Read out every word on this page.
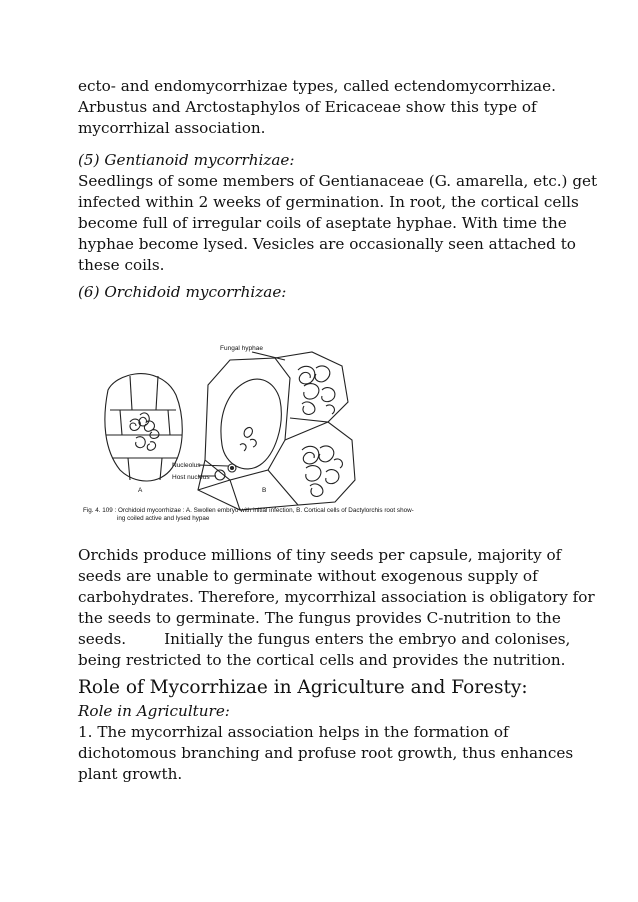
ecto- and endomycorrhizae types, called ectendomycorrhizae.
Arbustus and Arctostaphylos of Ericaceae show this type of
mycorrhizal association.

(5) Gentianoid mycorrhizae:
Seedlings of some members of Gentianaceae (G. amarella, etc.) get
infected within 2 weeks of germination. In root, the cortical cells
become full of irregular coils of aseptate hyphae. With time the
hyphae become lysed. Vesicles are occasionally seen attached to
these coils.

(6) Orchidoid mycorrhizae:

Fungal hyphae
Nucleolus
Host nucleus
A	B
Fig. 4. 109 : Orchidoid mycorrhizae : A. Swollen embryo with initial infection, B. Cortical cells of Dactylorchis root show-
ing coiled active and lysed hypae

Orchids produce millions of tiny seeds per capsule, majority of
seeds are unable to germinate without exogenous supply of
carbohydrates. Therefore, mycorrhizal association is obligatory for
the seeds to germinate. The fungus provides C-nutrition to the
seeds.	Initially the fungus enters the embryo and colonises,
being restricted to the cortical cells and provides the nutrition.

Role of Mycorrhizae in Agriculture and Foresty:

Role in Agriculture:
1. The mycorrhizal association helps in the formation of
dichotomous branching and profuse root growth, thus enhances
plant growth.
